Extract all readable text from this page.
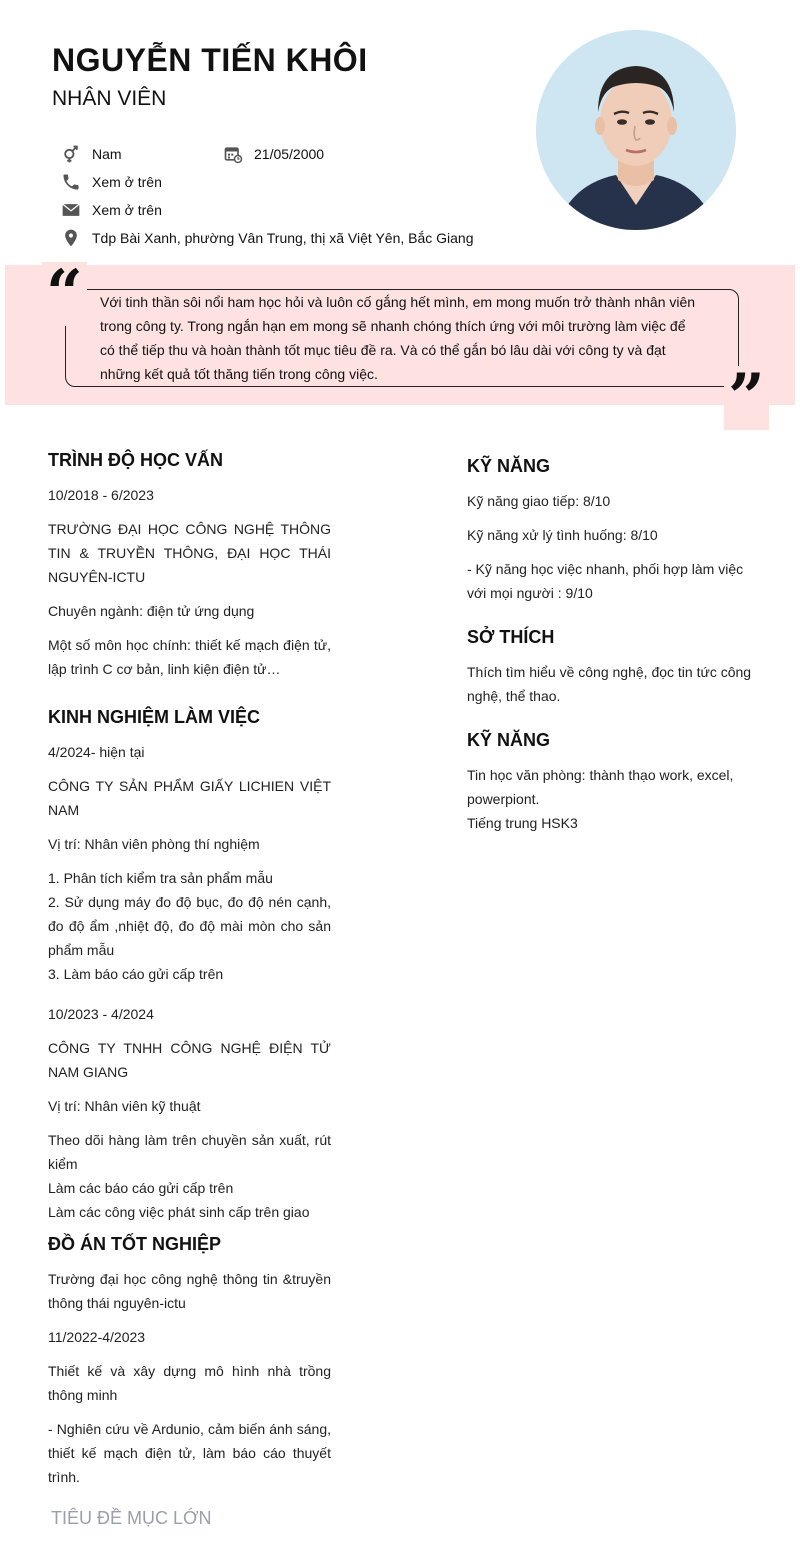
NGUYỄN TIẾN KHÔI
NHÂN VIÊN
Nam	21/05/2000
Xem ở trên
Xem ở trên
Tdp Bài Xanh, phường Vân Trung, thị xã Việt Yên, Bắc Giang
“
”
Với tinh thần sôi nổi ham học hỏi và luôn cố gắng hết mình, em mong muốn trở thành nhân viên trong công ty. Trong ngắn hạn em mong sẽ nhanh chóng thích ứng với môi trường làm việc để có thể tiếp thu và hoàn thành tốt mục tiêu đề ra. Và có thể gắn bó lâu dài với công ty và đạt những kết quả tốt thăng tiến trong công việc.
TRÌNH ĐỘ HỌC VẤN
10/2018 - 6/2023
TRƯỜNG ĐẠI HỌC CÔNG NGHỆ THÔNG TIN & TRUYỀN THÔNG, ĐẠI HỌC THÁI NGUYÊN-ICTU
Chuyên ngành: điện tử ứng dụng
Một số môn học chính: thiết kế mạch điện tử, lập trình C cơ bản, linh kiện điện tử…
KINH NGHIỆM LÀM VIỆC
4/2024- hiện tại
CÔNG TY SẢN PHẨM GIẤY LICHIEN VIỆT NAM
Vị trí: Nhân viên phòng thí nghiệm
1. Phân tích kiểm tra sản phẩm mẫu
2. Sử dụng máy đo độ bục, đo độ nén cạnh, đo độ ẩm ,nhiệt độ, đo độ mài mòn cho sản phẩm mẫu
3. Làm báo cáo gửi cấp trên
10/2023 - 4/2024
CÔNG TY TNHH CÔNG NGHỆ ĐIỆN TỬ NAM GIANG
Vị trí: Nhân viên kỹ thuật
Theo dõi hàng làm trên chuyền sản xuất, rút kiểm
Làm các báo cáo gửi cấp trên
Làm các công việc phát sinh cấp trên giao
ĐỒ ÁN TỐT NGHIỆP
Trường đại học công nghệ thông tin &truyền thông thái nguyên-ictu
11/2022-4/2023
Thiết kế và xây dựng mô hình nhà trồng thông minh
- Nghiên cứu về Ardunio, cảm biến ánh sáng, thiết kế mạch điện tử, làm báo cáo thuyết trình.
KỸ NĂNG
Kỹ năng giao tiếp: 8/10
Kỹ năng xử lý tình huống: 8/10
- Kỹ năng học việc nhanh, phối hợp làm việc với mọi người : 9/10
SỞ THÍCH
Thích tìm hiểu về công nghệ, đọc tin tức công nghệ, thể thao.
KỸ NĂNG
Tin học văn phòng: thành thạo work, excel, powerpiont.
Tiếng trung HSK3
TIÊU ĐỀ MỤC LỚN
